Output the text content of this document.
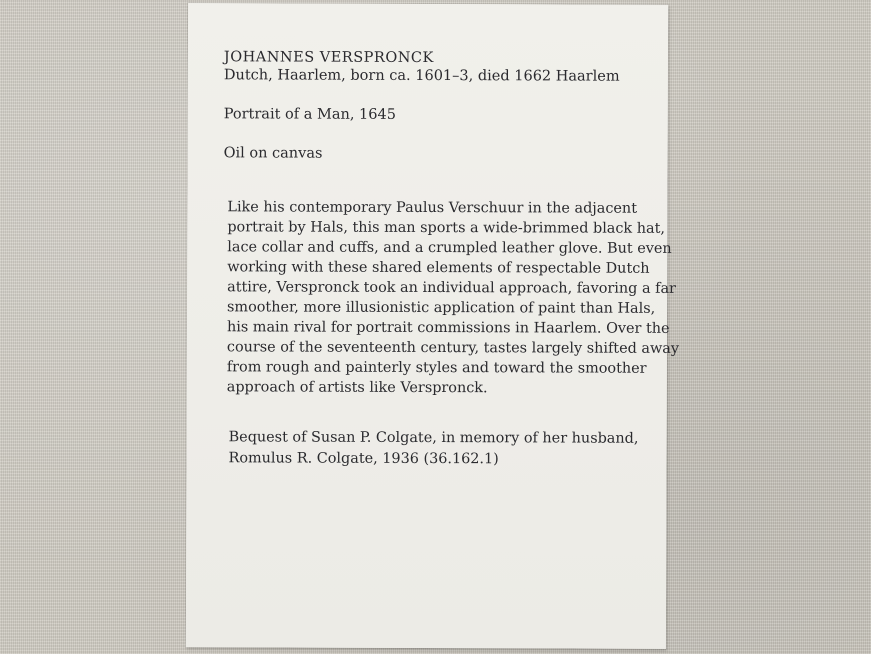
JOHANNES VERSPRONCK
Dutch, Haarlem, born ca. 1601–3, died 1662 Haarlem
Portrait of a Man, 1645
Oil on canvas
Like his contemporary Paulus Verschuur in the adjacent
portrait by Hals, this man sports a wide-brimmed black hat,
lace collar and cuffs, and a crumpled leather glove. But even
working with these shared elements of respectable Dutch
attire, Verspronck took an individual approach, favoring a far
smoother, more illusionistic application of paint than Hals,
his main rival for portrait commissions in Haarlem. Over the
course of the seventeenth century, tastes largely shifted away
from rough and painterly styles and toward the smoother
approach of artists like Verspronck.
Bequest of Susan P. Colgate, in memory of her husband,
Romulus R. Colgate, 1936 (36.162.1)
